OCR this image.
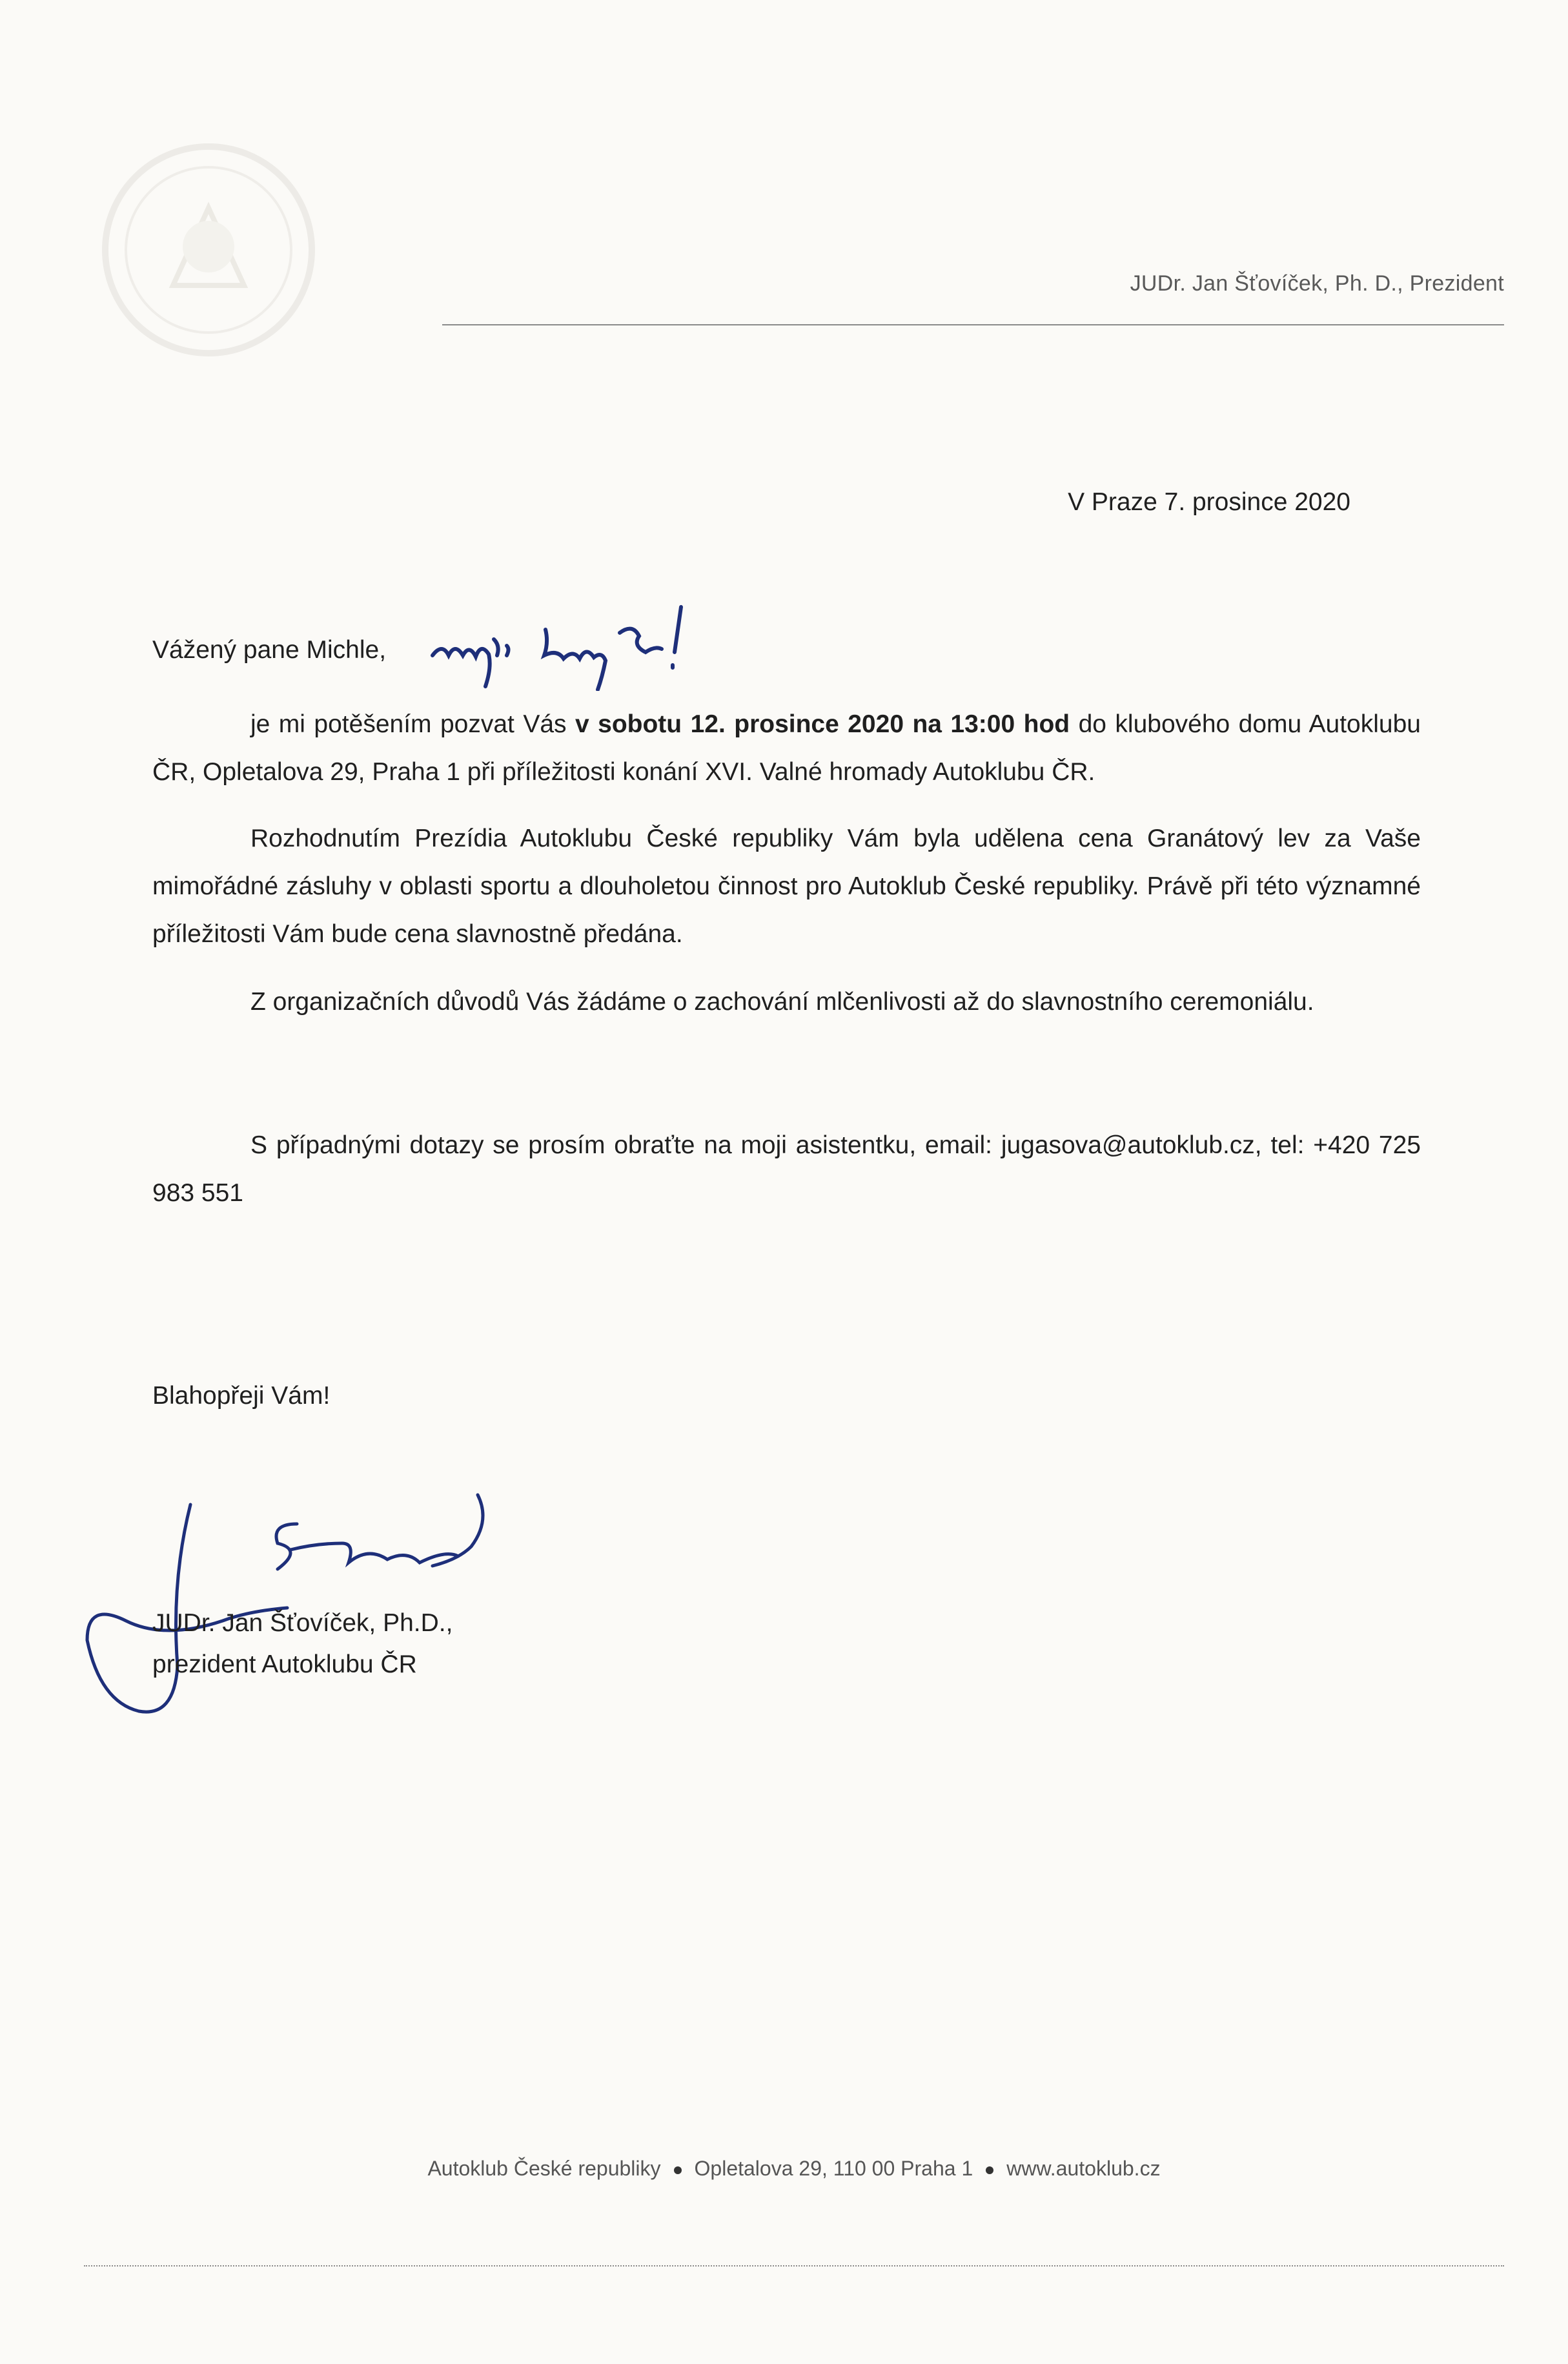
JUDr. Jan Šťovíček, Ph. D., Prezident
V Praze 7. prosince 2020
Vážený pane Michle,

je mi potěšením pozvat Vás v sobotu 12. prosince 2020 na 13:00 hod do klubového domu Autoklubu ČR, Opletalova 29, Praha 1 při příležitosti konání XVI. Valné hromady Autoklubu ČR.

Rozhodnutím Prezídia Autoklubu České republiky Vám byla udělena cena Granátový lev za Vaše mimořádné zásluhy v oblasti sportu a dlouholetou činnost pro Autoklub České republiky. Právě při této významné příležitosti Vám bude cena slavnostně předána.

Z organizačních důvodů Vás žádáme o zachování mlčenlivosti až do slavnostního ceremoniálu.

S případnými dotazy se prosím obraťte na moji asistentku, email: jugasova@autoklub.cz, tel: +420 725 983 551

Blahopřeji Vám!
JUDr. Jan Šťovíček, Ph.D.,
prezident Autoklubu ČR
Autoklub České republiky Opletalova 29, 110 00 Praha 1 www.autoklub.cz
